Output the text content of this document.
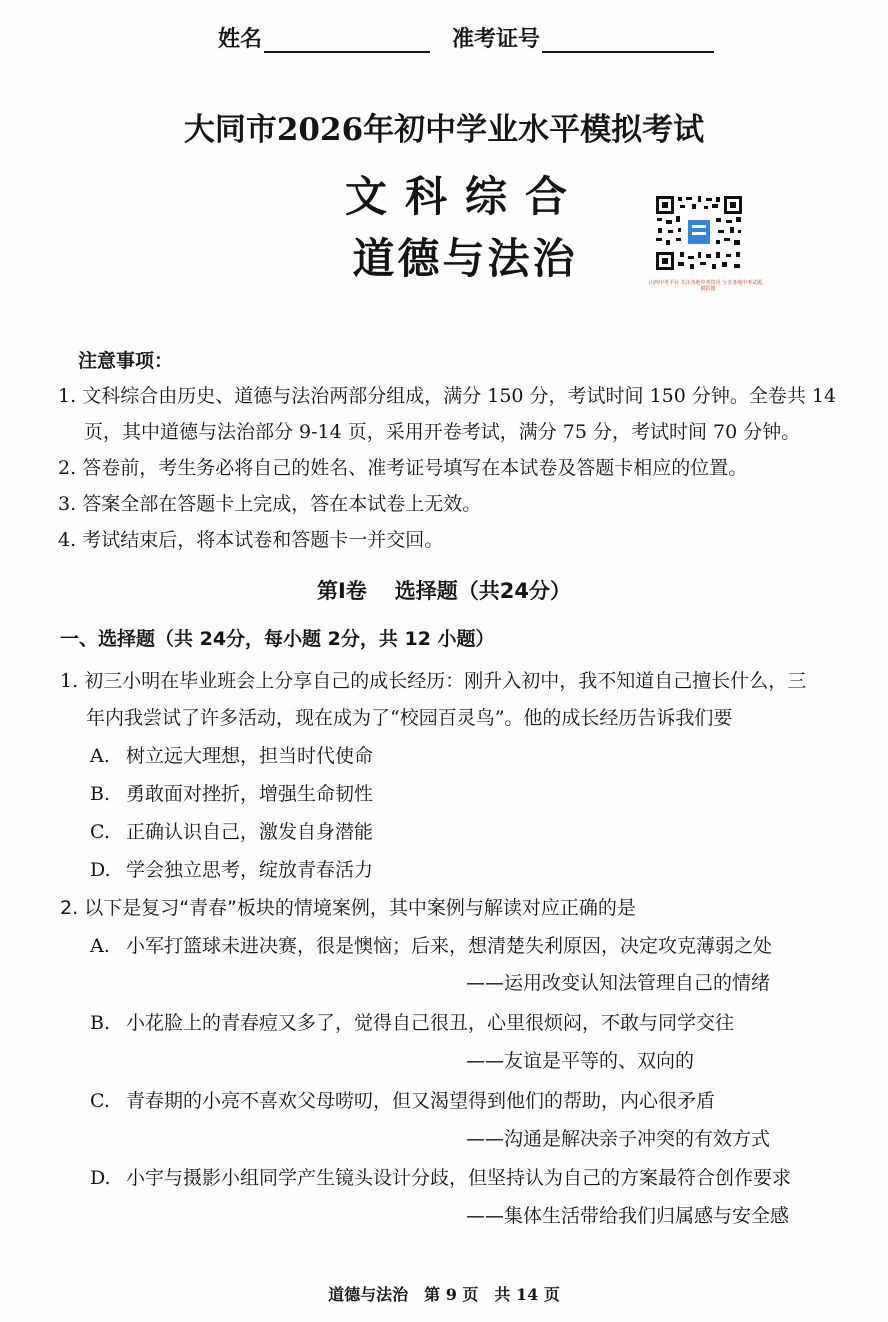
姓名	准考证号
大同市2026年初中学业水平模拟考试
文科综合
道德与法治	山西中考平台 关注各地中考资讯 分享各地中考试题、模拟题
注意事项：
1. 文科综合由历史、道德与法治两部分组成，满分 150 分，考试时间 150 分钟。全卷共 14
页，其中道德与法治部分 9-14 页，采用开卷考试，满分 75 分，考试时间 70 分钟。
2. 答卷前，考生务必将自己的姓名、准考证号填写在本试卷及答题卡相应的位置。
3. 答案全部在答题卡上完成，答在本试卷上无效。
4. 考试结束后，将本试卷和答题卡一并交回。
第Ⅰ卷 选择题（共24分）
一、选择题（共 24分，每小题 2分，共 12 小题）
1. 初三小明在毕业班会上分享自己的成长经历：刚升入初中，我不知道自己擅长什么，三
年内我尝试了许多活动，现在成为了“校园百灵鸟”。他的成长经历告诉我们要
A. 树立远大理想，担当时代使命
B. 勇敢面对挫折，增强生命韧性
C. 正确认识自己，激发自身潜能
D. 学会独立思考，绽放青春活力
2. 以下是复习“青春”板块的情境案例，其中案例与解读对应正确的是
A. 小军打篮球未进决赛，很是懊恼；后来，想清楚失利原因，决定攻克薄弱之处
——运用改变认知法管理自己的情绪
B. 小花脸上的青春痘又多了，觉得自己很丑，心里很烦闷，不敢与同学交往
——友谊是平等的、双向的
C. 青春期的小亮不喜欢父母唠叨，但又渴望得到他们的帮助，内心很矛盾
——沟通是解决亲子冲突的有效方式
D. 小宇与摄影小组同学产生镜头设计分歧，但坚持认为自己的方案最符合创作要求
——集体生活带给我们归属感与安全感
道德与法治　第 9 页　共 14 页
